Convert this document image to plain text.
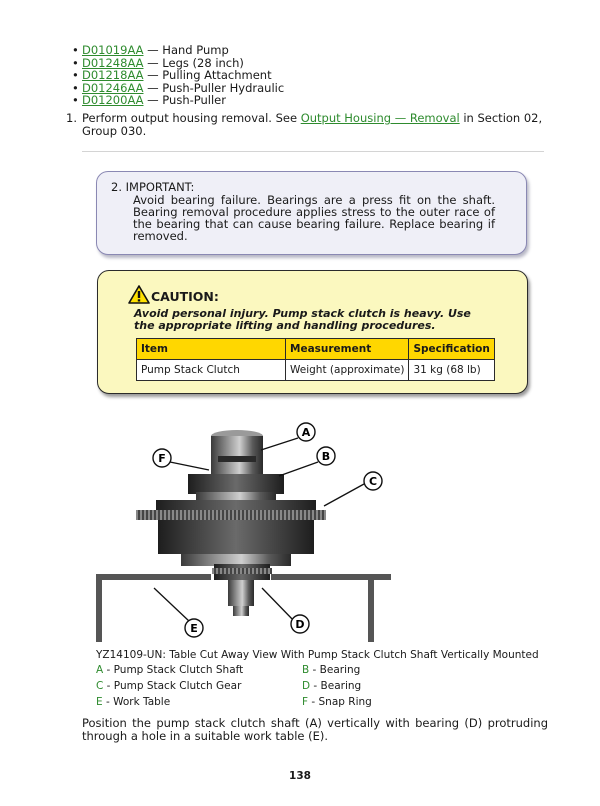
• D01019AA — Hand Pump
• D01248AA — Legs (28 inch)
• D01218AA — Pulling Attachment
• D01246AA — Push-Puller Hydraulic
• D01200AA — Push-Puller
1. Perform output housing removal. See Output Housing — Removal in Section 02, Group 030.
2. IMPORTANT:
Avoid bearing failure. Bearings are a press fit on the shaft. Bearing removal procedure applies stress to the outer race of the bearing that can cause bearing failure. Replace bearing if removed.
CAUTION:
Avoid personal injury. Pump stack clutch is heavy. Use the appropriate lifting and handling procedures.
Item	Measurement	Specification
Pump Stack Clutch	Weight (approximate)	31 kg (68 lb)
A
B
C
D
E
F
YZ14109-UN: Table Cut Away View With Pump Stack Clutch Shaft Vertically Mounted
A - Pump Stack Clutch Shaft	B - Bearing
C - Pump Stack Clutch Gear	D - Bearing
E - Work Table	F - Snap Ring
Position the pump stack clutch shaft (A) vertically with bearing (D) protruding through a hole in a suitable work table (E).
138
